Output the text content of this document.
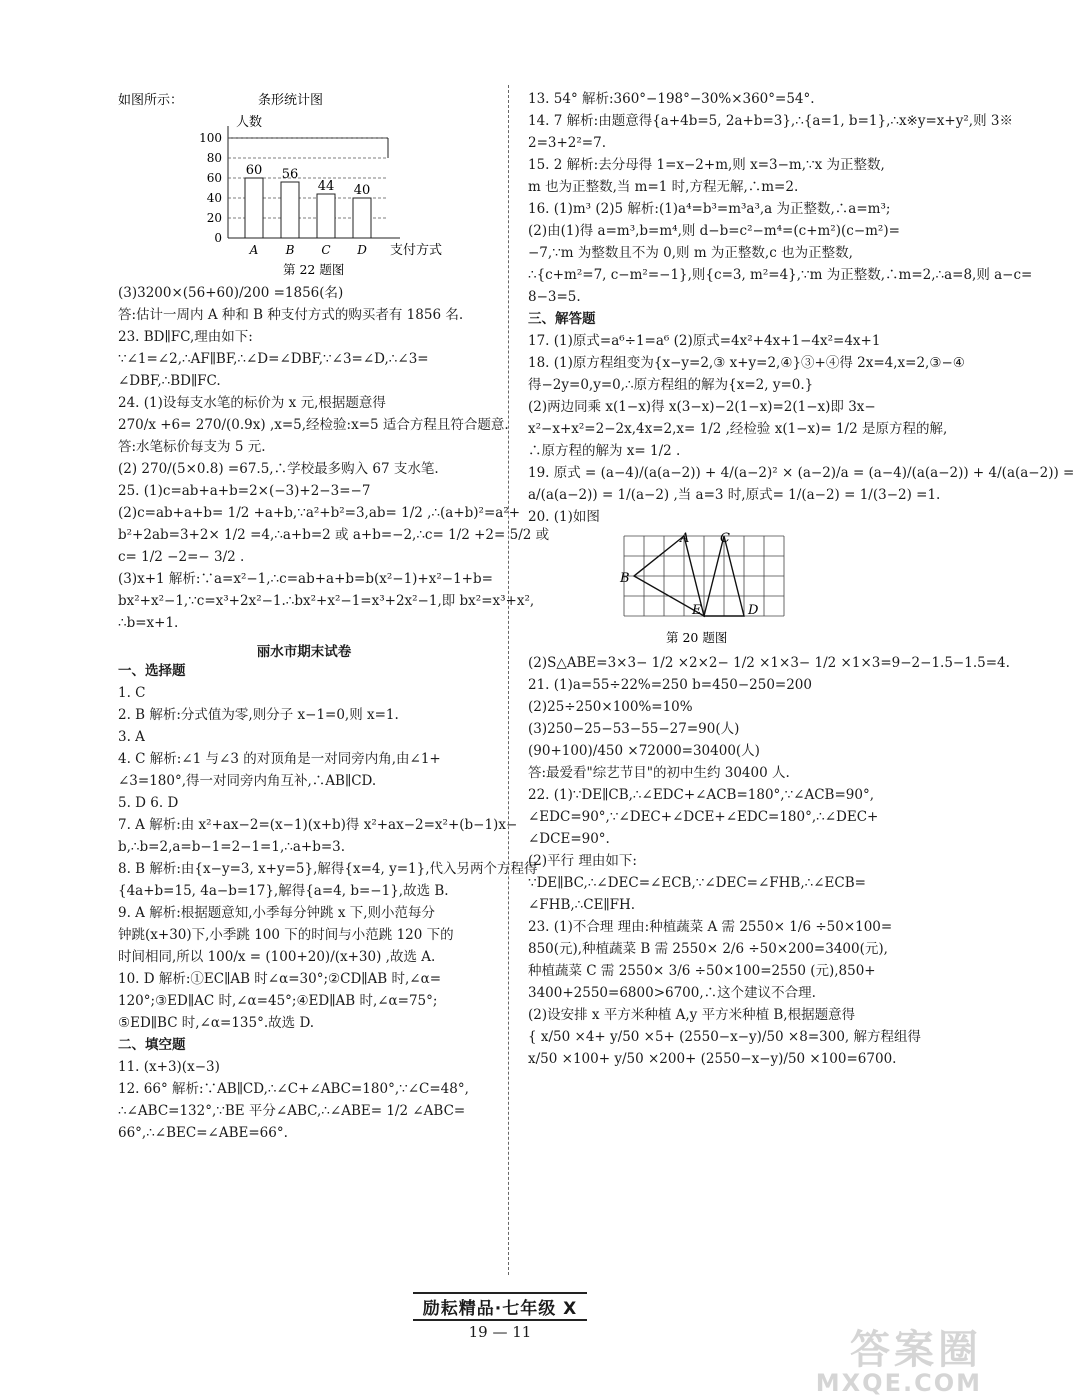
如图所示：	条形统计图
人数
0
20
40
60
80
100
60
A
56
B
44
C
40
D 支付方式
第 22 题图
(3)3200×(56+60)/200 =1856(名)
答:估计一周内 A 种和 B 种支付方式的购买者有 1856 名.
23. BD∥FC,理由如下:
∵∠1=∠2,∴AF∥BF,∴∠D=∠DBF,∵∠3=∠D,∴∠3=
∠DBF,∴BD∥FC.
24. (1)设每支水笔的标价为 x 元,根据题意得
270/x +6= 270/(0.9x) ,x=5,经检验:x=5 适合方程且符合题意.
答:水笔标价每支为 5 元.
(2) 270/(5×0.8) =67.5,∴学校最多购入 67 支水笔.
25. (1)c=ab+a+b=2×(−3)+2−3=−7
(2)c=ab+a+b= 1/2 +a+b,∵a²+b²=3,ab= 1/2 ,∴(a+b)²=a²+
b²+2ab=3+2× 1/2 =4,∴a+b=2 或 a+b=−2,∴c= 1/2 +2= 5/2 或
c= 1/2 −2=− 3/2 .
(3)x+1 解析:∵a=x²−1,∴c=ab+a+b=b(x²−1)+x²−1+b=
bx²+x²−1,∵c=x³+2x²−1.∴bx²+x²−1=x³+2x²−1,即 bx²=x³+x²,
∴b=x+1.
丽水市期末试卷
一、选择题
1. C
2. B 解析:分式值为零,则分子 x−1=0,则 x=1.
3. A
4. C 解析:∠1 与∠3 的对顶角是一对同旁内角,由∠1+
∠3=180°,得一对同旁内角互补,∴AB∥CD.
5. D 6. D
7. A 解析:由 x²+ax−2=(x−1)(x+b)得 x²+ax−2=x²+(b−1)x−
b,∴b=2,a=b−1=2−1=1,∴a+b=3.
8. B 解析:由{x−y=3, x+y=5},解得{x=4, y=1},代入另两个方程得
{4a+b=15, 4a−b=17},解得{a=4, b=−1},故选 B.
9. A 解析:根据题意知,小季每分钟跳 x 下,则小范每分
钟跳(x+30)下,小季跳 100 下的时间与小范跳 120 下的
时间相同,所以 100/x = (100+20)/(x+30) ,故选 A.
10. D 解析:①EC∥AB 时∠α=30°;②CD∥AB 时,∠α=
120°;③ED∥AC 时,∠α=45°;④ED∥AB 时,∠α=75°;
⑤ED∥BC 时,∠α=135°.故选 D.
二、填空题
11. (x+3)(x−3)
12. 66° 解析:∵AB∥CD,∴∠C+∠ABC=180°,∵∠C=48°,
∴∠ABC=132°,∵BE 平分∠ABC,∴∠ABE= 1/2 ∠ABC=
66°,∴∠BEC=∠ABE=66°.
13. 54° 解析:360°−198°−30%×360°=54°.
14. 7 解析:由题意得{a+4b=5, 2a+b=3},∴{a=1, b=1},∴x※y=x+y²,则 3※
2=3+2²=7.
15. 2 解析:去分母得 1=x−2+m,则 x=3−m,∵x 为正整数,
m 也为正整数,当 m=1 时,方程无解,∴m=2.
16. (1)m³ (2)5 解析:(1)a⁴=b³=m³a³,a 为正整数,∴a=m³;
(2)由(1)得 a=m³,b=m⁴,则 d−b=c²−m⁴=(c+m²)(c−m²)=
−7,∵m 为整数且不为 0,则 m 为正整数,c 也为正整数,
∴{c+m²=7, c−m²=−1},则{c=3, m²=4},∵m 为正整数,∴m=2,∴a=8,则 a−c=
8−3=5.
三、解答题
17. (1)原式=a⁶÷1=a⁶ (2)原式=4x²+4x+1−4x²=4x+1
18. (1)原方程组变为{x−y=2,③ x+y=2,④}③+④得 2x=4,x=2,③−④
得−2y=0,y=0,∴原方程组的解为{x=2, y=0.}
(2)两边同乘 x(1−x)得 x(3−x)−2(1−x)=2(1−x)即 3x−
x²−x+x²=2−2x,4x=2,x= 1/2 ,经检验 x(1−x)= 1/2 是原方程的解,
∴原方程的解为 x= 1/2 .
19. 原式 = (a−4)/(a(a−2)) + 4/(a−2)² × (a−2)/a = (a−4)/(a(a−2)) + 4/(a(a−2)) =
a/(a(a−2)) = 1/(a−2) ,当 a=3 时,原式= 1/(a−2) = 1/(3−2) =1.
20. (1)如图
A C
B
E	D
第 20 题图
(2)S△ABE=3×3− 1/2 ×2×2− 1/2 ×1×3− 1/2 ×1×3=9−2−1.5−1.5=4.
21. (1)a=55÷22%=250 b=450−250=200
(2)25÷250×100%=10%
(3)250−25−53−55−27=90(人)
(90+100)/450 ×72000=30400(人)
答:最爱看"综艺节目"的初中生约 30400 人.
22. (1)∵DE∥CB,∴∠EDC+∠ACB=180°,∵∠ACB=90°,
∠EDC=90°,∵∠DEC+∠DCE+∠EDC=180°,∴∠DEC+
∠DCE=90°.
(2)平行 理由如下:
∵DE∥BC,∴∠DEC=∠ECB,∵∠DEC=∠FHB,∴∠ECB=
∠FHB,∴CE∥FH.
23. (1)不合理 理由:种植蔬菜 A 需 2550× 1/6 ÷50×100=
850(元),种植蔬菜 B 需 2550× 2/6 ÷50×200=3400(元),
种植蔬菜 C 需 2550× 3/6 ÷50×100=2550 (元),850+
3400+2550=6800>6700,∴这个建议不合理.
(2)设安排 x 平方米种植 A,y 平方米种植 B,根据题意得
{ x/50 ×4+ y/50 ×5+ (2550−x−y)/50 ×8=300, 解方程组得
x/50 ×100+ y/50 ×200+ (2550−x−y)/50 ×100=6700.
励耘精品·七年级 X
19 — 11	答案圈
MXQE.COM
